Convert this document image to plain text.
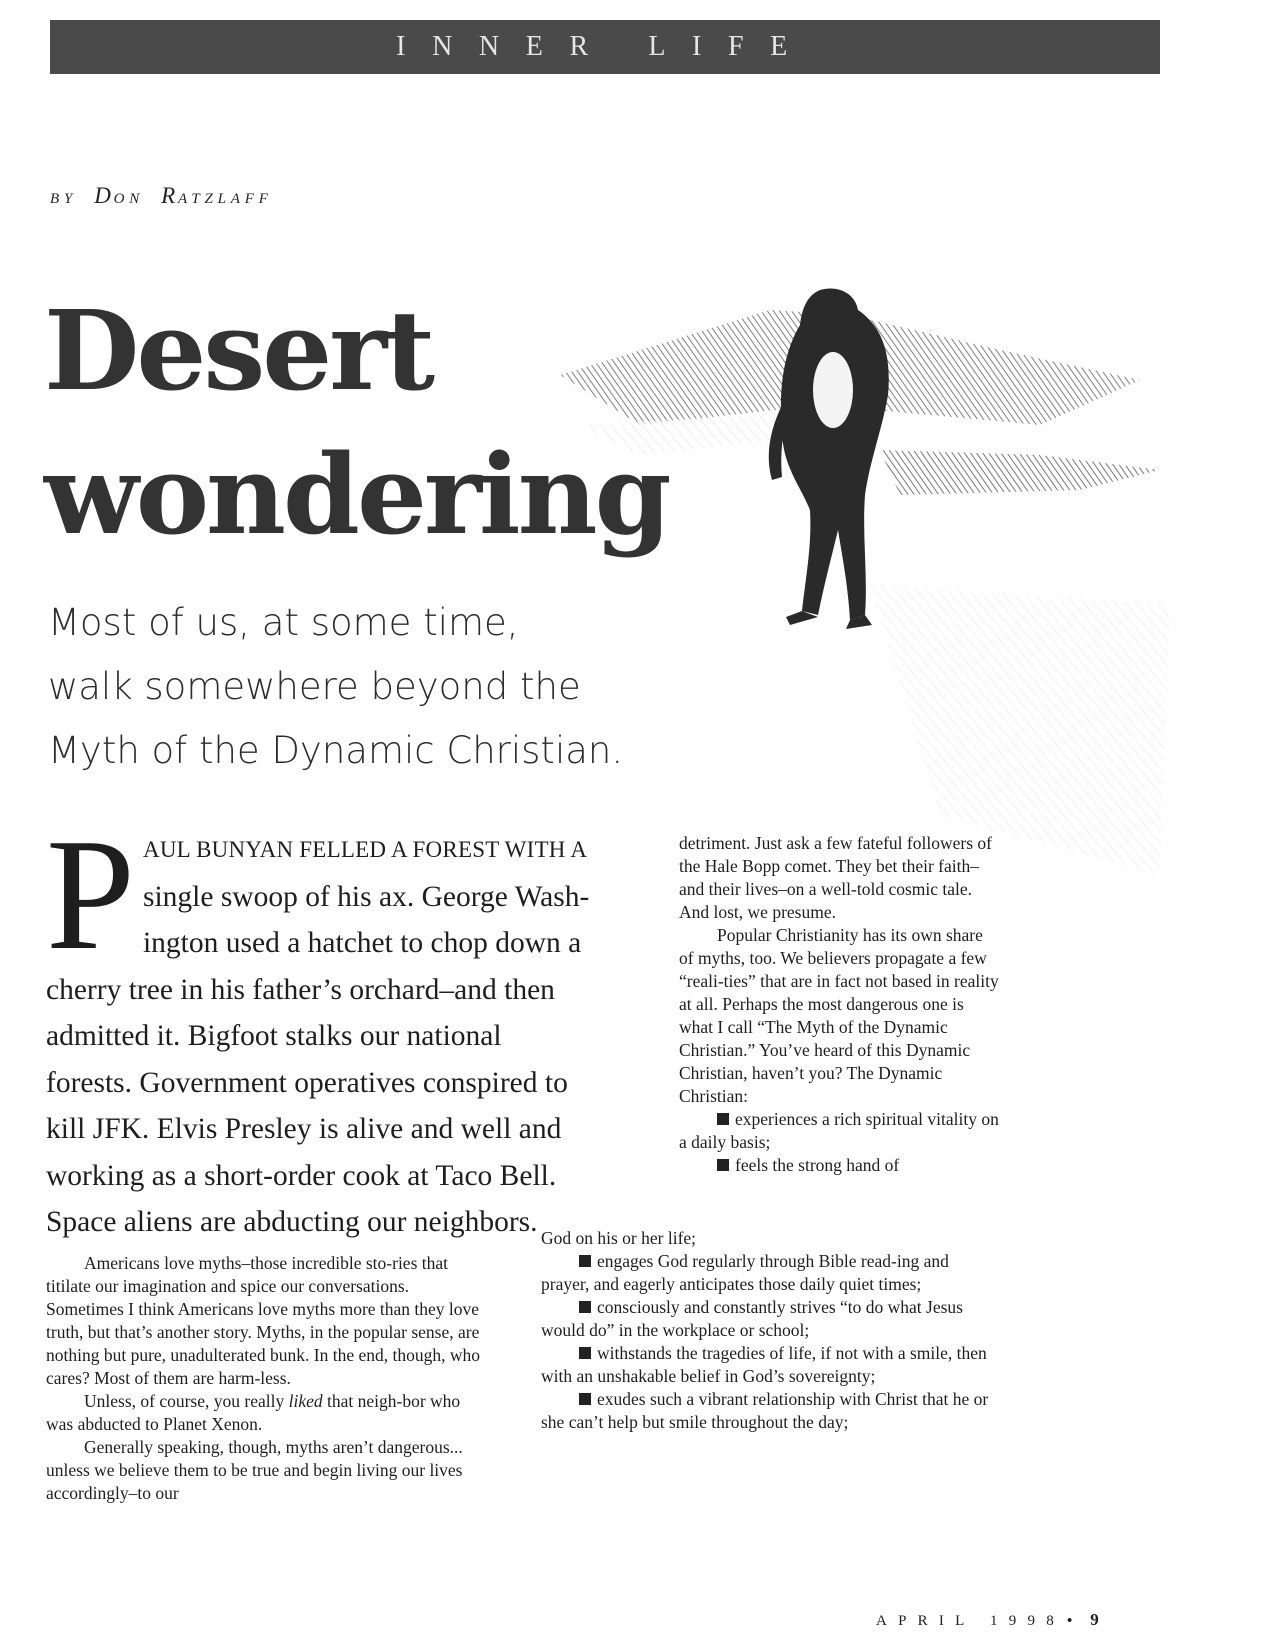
INNER LIFE
BY DON RATZLAFF
Desert
wondering
Most of us, at some time,
walk somewhere beyond the
Myth of the Dynamic Christian.
P AUL BUNYAN FELLED A FOREST WITH A
single swoop of his ax. George Wash-
ington used a hatchet to chop down a
cherry tree in his father’s orchard–and then
admitted it. Bigfoot stalks our national
forests. Government operatives conspired to
kill JFK. Elvis Presley is alive and well and
working as a short-order cook at Taco Bell.
Space aliens are abducting our neighbors.

detriment. Just ask a few fateful followers of the Hale Bopp comet. They bet their faith–and their lives–on a well-told cosmic tale. And lost, we presume.

Popular Christianity has its own share of myths, too. We believers propagate a few “reali-ties” that are in fact not based in reality at all. Perhaps the most dangerous one is what I call “The Myth of the Dynamic Christian.” You’ve heard of this Dynamic Christian, haven’t you? The Dynamic Christian:

experiences a rich spiritual vitality on a daily basis;

feels the strong hand of

Americans love myths–those incredible sto-ries that titilate our imagination and spice our conversations. Sometimes I think Americans love myths more than they love truth, but that’s another story. Myths, in the popular sense, are nothing but pure, unadulterated bunk. In the end, though, who cares? Most of them are harm-less.

Unless, of course, you really liked that neigh-bor who was abducted to Planet Xenon.

Generally speaking, though, myths aren’t dangerous... unless we believe them to be true and begin living our lives accordingly–to our

God on his or her life;

engages God regularly through Bible read-ing and prayer, and eagerly anticipates those daily quiet times;

consciously and constantly strives “to do what Jesus would do” in the workplace or school;

withstands the tragedies of life, if not with a smile, then with an unshakable belief in God’s sovereignty;

exudes such a vibrant relationship with Christ that he or she can’t help but smile throughout the day;

APRIL 1998 • 9
